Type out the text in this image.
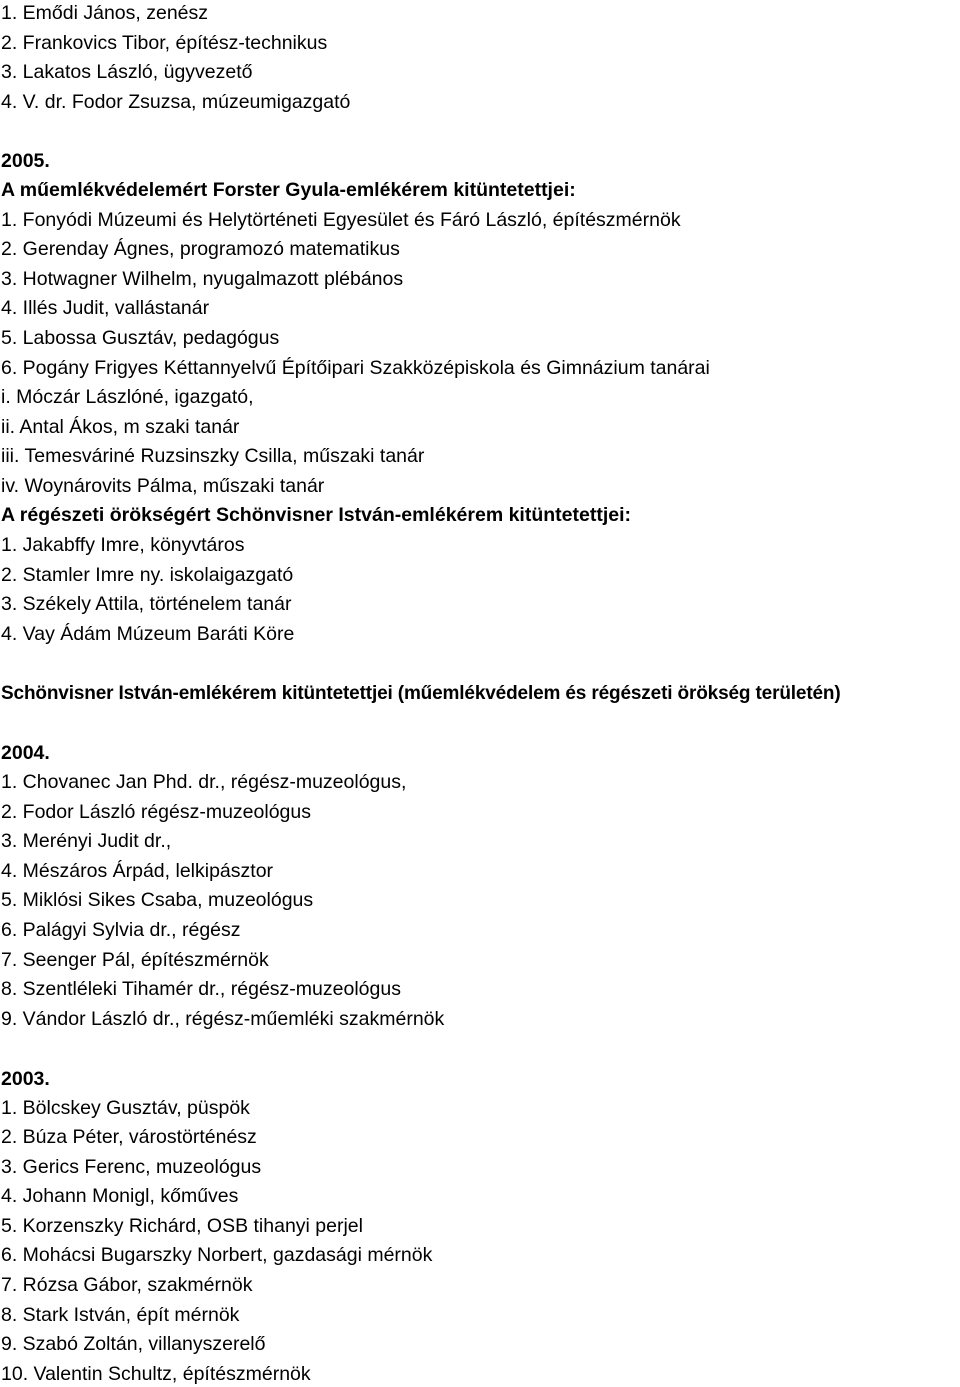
1. Emődi János, zenész
2. Frankovics Tibor, építész-technikus
3. Lakatos László, ügyvezető
4. V. dr. Fodor Zsuzsa, múzeumigazgató
2005.
A műemlékvédelemért Forster Gyula-emlékérem kitüntetettjei:
1. Fonyódi Múzeumi és Helytörténeti Egyesület és Fáró László, építészmérnök
2. Gerenday Ágnes, programozó matematikus
3. Hotwagner Wilhelm, nyugalmazott plébános
4. Illés Judit, vallástanár
5. Labossa Gusztáv, pedagógus
6. Pogány Frigyes Kéttannyelvű Építőipari Szakközépiskola és Gimnázium tanárai
i. Móczár Lászlóné, igazgató,
ii. Antal Ákos, m szaki tanár
iii. Temesváriné Ruzsinszky Csilla, műszaki tanár
iv. Woynárovits Pálma, műszaki tanár
A régészeti örökségért Schönvisner István-emlékérem kitüntetettjei:
1. Jakabffy Imre, könyvtáros
2. Stamler Imre ny. iskolaigazgató
3. Székely Attila, történelem tanár
4. Vay Ádám Múzeum Baráti Köre
Schönvisner István-emlékérem kitüntetettjei (műemlékvédelem és régészeti örökség területén)
2004.
1. Chovanec Jan Phd. dr., régész-muzeológus,
2. Fodor László régész-muzeológus
3. Merényi Judit dr.,
4. Mészáros Árpád, lelkipásztor
5. Miklósi Sikes Csaba, muzeológus
6. Palágyi Sylvia dr., régész
7. Seenger Pál, építészmérnök
8. Szentléleki Tihamér dr., régész-muzeológus
9. Vándor László dr., régész-műemléki szakmérnök
2003.
1. Bölcskey Gusztáv, püspök
2. Búza Péter, várostörténész
3. Gerics Ferenc, muzeológus
4. Johann Monigl, kőműves
5. Korzenszky Richárd, OSB tihanyi perjel
6. Mohácsi Bugarszky Norbert, gazdasági mérnök
7. Rózsa Gábor, szakmérnök
8. Stark István, épít mérnök
9. Szabó Zoltán, villanyszerelő
10. Valentin Schultz, építészmérnök
